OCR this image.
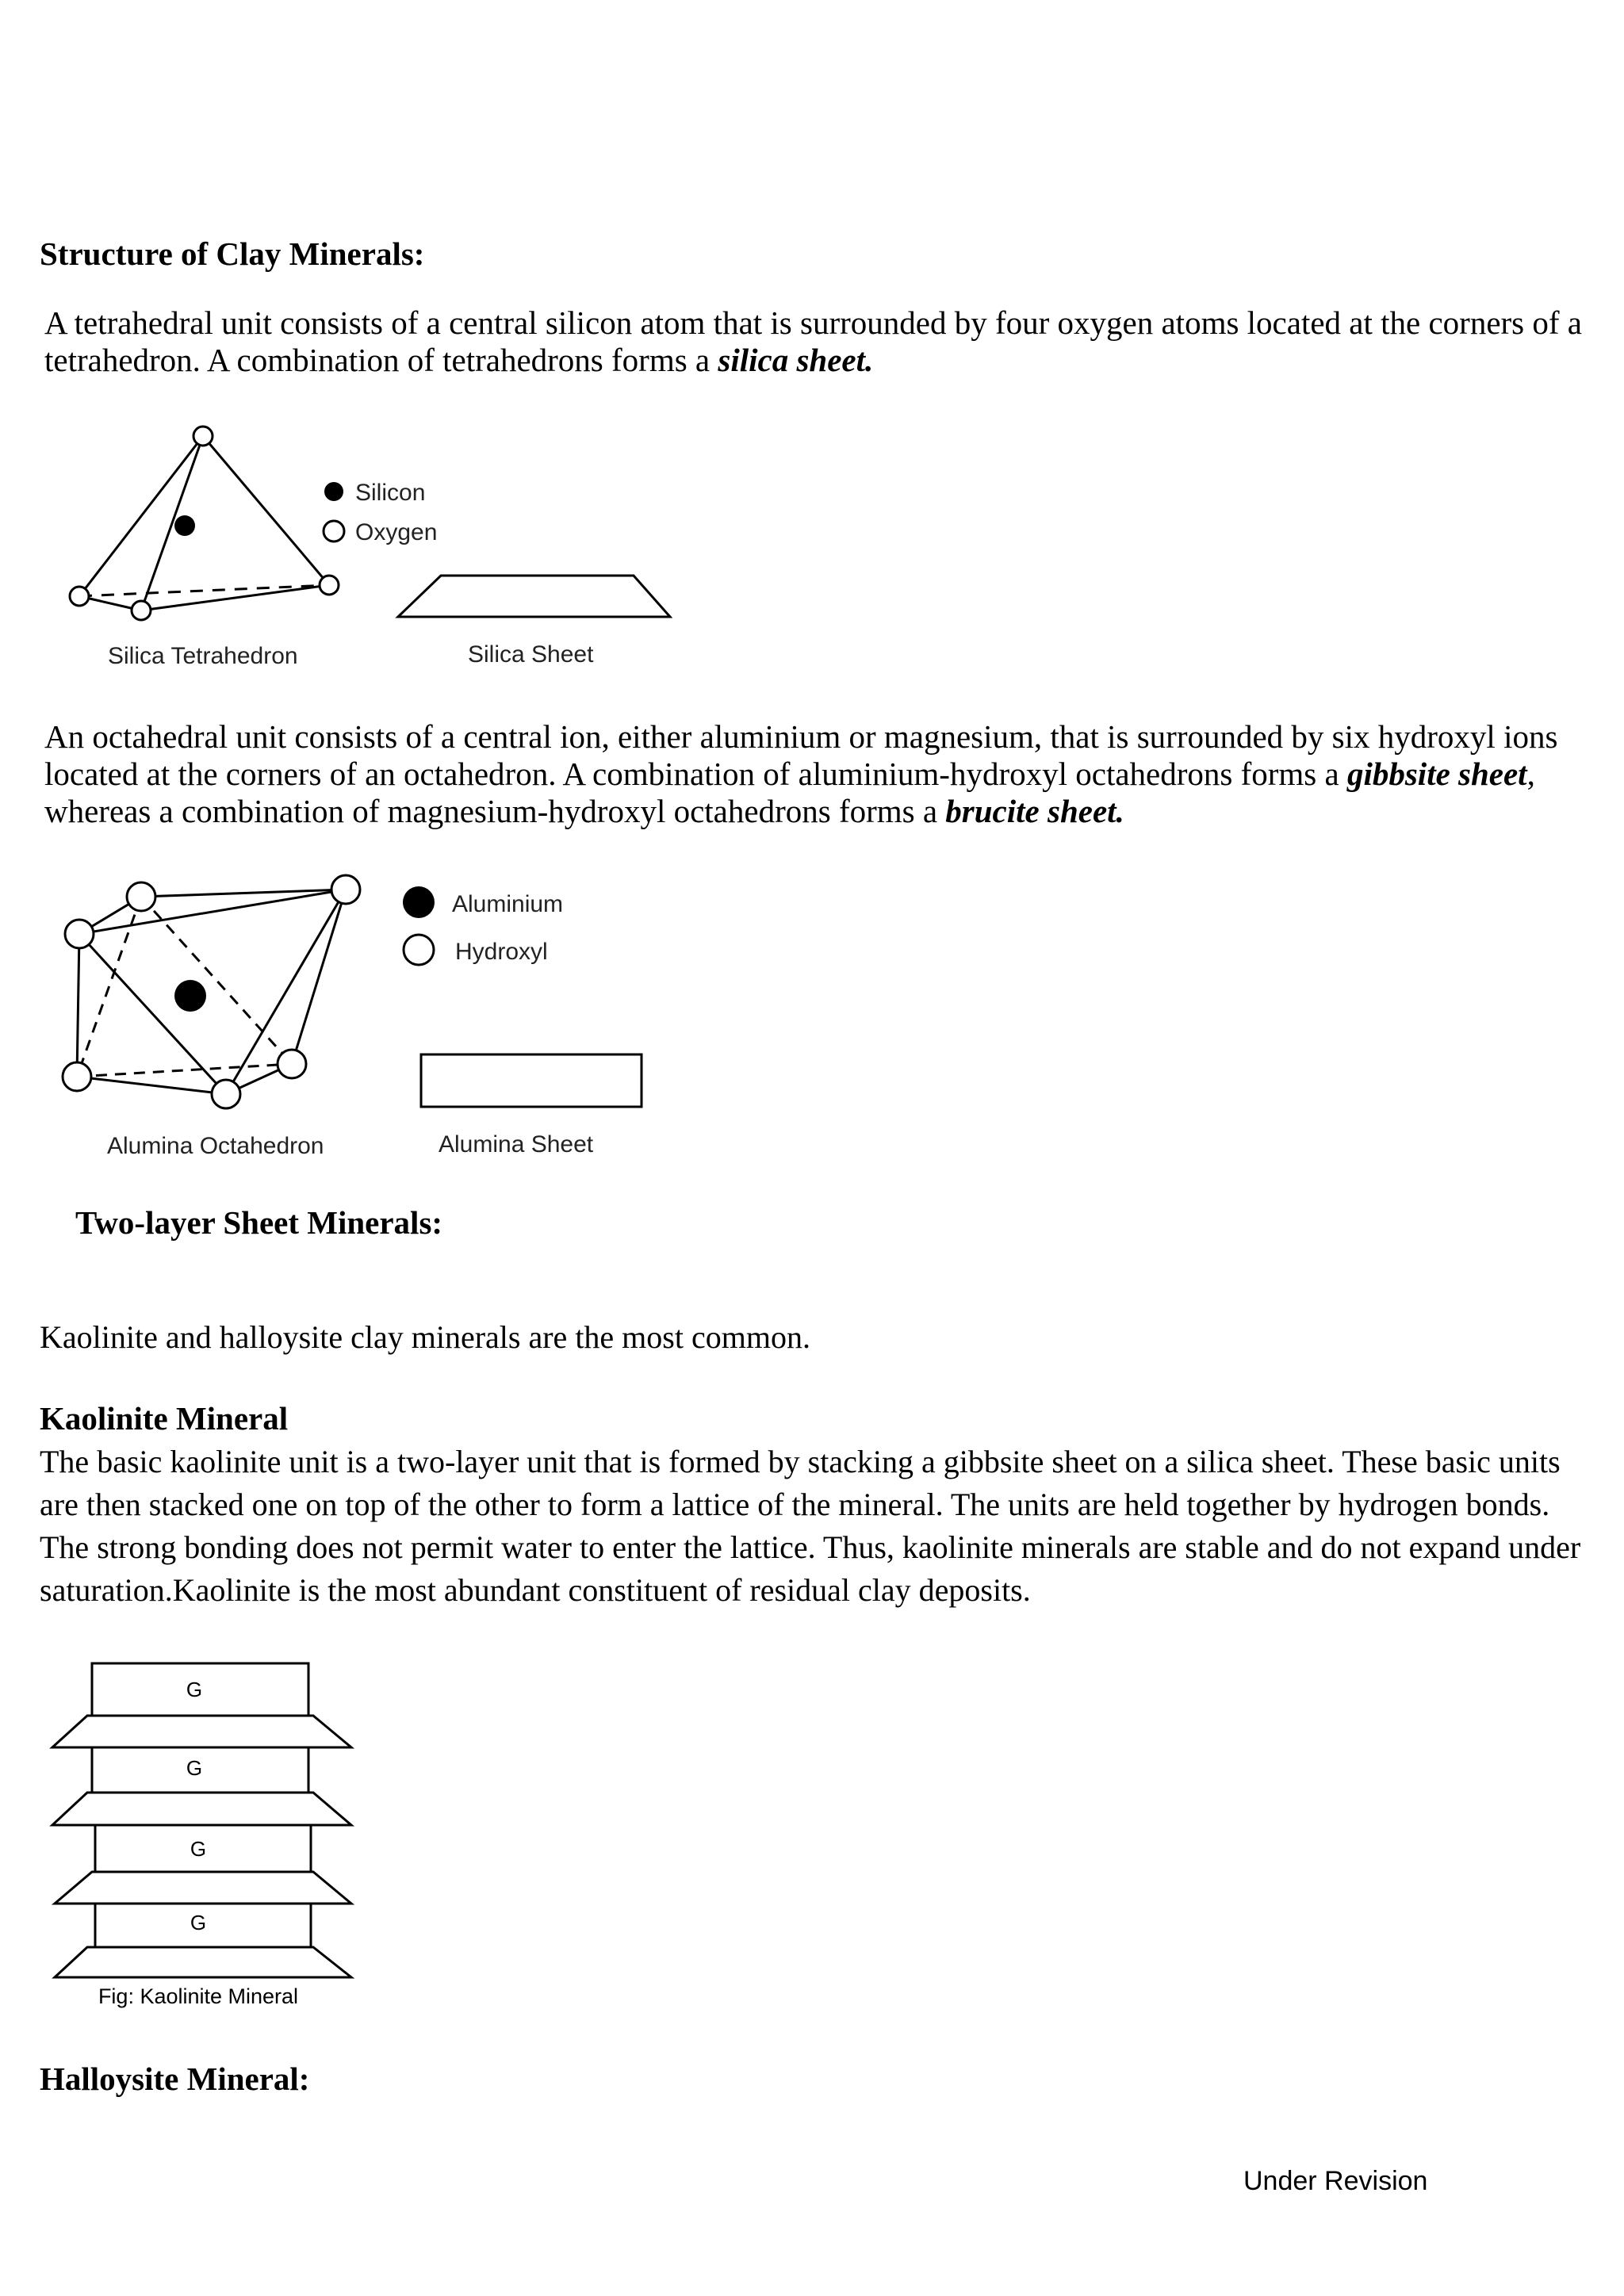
Structure of Clay Minerals:
A tetrahedral unit consists of a central silicon atom that is surrounded by four oxygen atoms located at the corners of a tetrahedron. A combination of tetrahedrons forms a silica sheet.
Silicon
Oxygen
Silica Tetrahedron	Silica Sheet
An octahedral unit consists of a central ion, either aluminium or magnesium, that is surrounded by six hydroxyl ions located at the corners of an octahedron. A combination of aluminium-hydroxyl octahedrons forms a gibbsite sheet, whereas a combination of magnesium-hydroxyl octahedrons forms a brucite sheet.
Aluminium
Hydroxyl
Alumina Octahedron	Alumina Sheet
Two-layer Sheet Minerals:
Kaolinite and halloysite clay minerals are the most common.
Kaolinite Mineral
The basic kaolinite unit is a two-layer unit that is formed by stacking a gibbsite sheet on a silica sheet. These basic units are then stacked one on top of the other to form a lattice of the mineral. The units are held together by hydrogen bonds. The strong bonding does not permit water to enter the lattice. Thus, kaolinite minerals are stable and do not expand under saturation.Kaolinite is the most abundant constituent of residual clay deposits.
G
G
G
G
Fig: Kaolinite Mineral
Halloysite Mineral:
Under Revision
